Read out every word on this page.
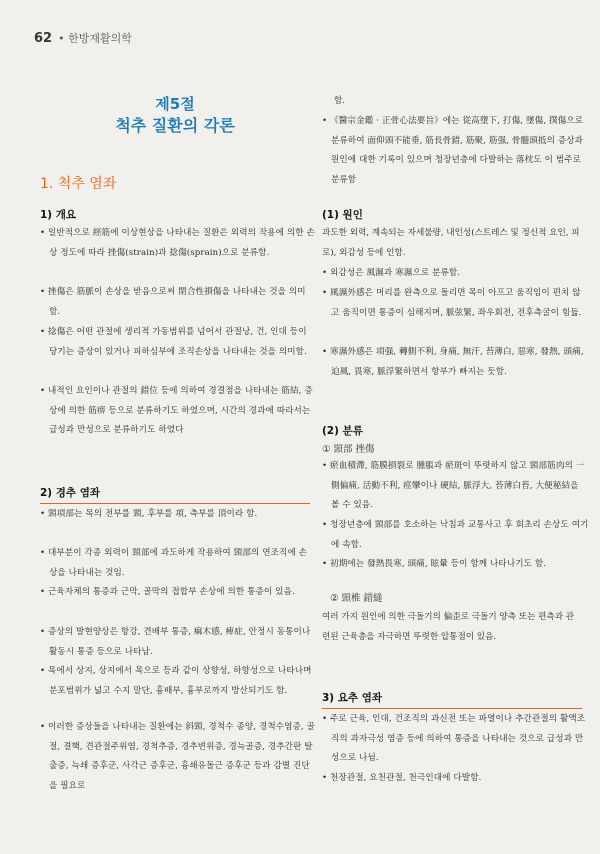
62 • 한방재활의학
제5절
척추 질환의 각론
1. 척추 염좌
1) 개요
• 일반적으로 經筋에 이상현상을 나타내는 질환은 외력의 작용에 의한 손상 정도에 따라 挫傷(strain)과 捻傷(sprain)으로 분류함.
• 挫傷은 筋脈이 손상을 받음으로써 閉合性損傷을 나타내는 것을 의미함.
• 捻傷은 어떤 관절에 생리적 가동범위를 넘어서 관절낭, 건, 인대 등이 당기는 증상이 있거나 피하심부에 조직손상을 나타내는 것을 의미함.
• 내적인 요인이나 관절의 錯位 등에 의하여 경결점을 나타내는 筋結, 증상에 의한 筋痹 등으로 분류하기도 하였으며, 시간의 경과에 따라서는 급성과 만성으로 분류하기도 하였다
2) 경추 염좌
• 頸項部는 목의 전부를 頸, 후부를 項, 측부를 頂이라 함.
• 대부분이 각종 외력이 頸部에 과도하게 작용하여 頸部의 연조직에 손상을 나타내는 것임.
• 근육자체의 통증과 근막, 골막의 접합부 손상에 의한 통증이 있음.
• 증상의 발현양상은 항강, 견배부 통증, 痲木感, 痺症, 안정시 동통이나 활동시 통증 등으로 나타남.
• 목에서 상지, 상지에서 목으로 등과 같이 상향성, 하향성으로 나타나며 분포범위가 넓고 수지 말단, 흉배부, 흉부로까지 방산되기도 함.
• 이러한 증상들을 나타내는 질환에는 斜頸, 경척수 종양, 경척수염증, 골절, 결핵, 견관절주위염, 경척추증, 경추변위증, 경늑골증, 경추간판 탈출증, 늑쇄 증후군, 사각근 증후군, 흉쇄유돌근 증후군 등과 감별 진단을 필요로
함.
• 《醫宗金鑑 · 正骨心法要旨》에는 從高墮下, 打傷, 墜傷, 撲傷으로 분류하여 面仰頭不能垂, 筋長骨錯, 筋聚, 筋强, 骨髓頭抵의 증상과 원인에 대한 기록이 있으며 청장년층에 다발하는 落枕도 이 범주로 분류함
(1) 원인
과도한 외력, 계속되는 자세불량, 내인성(스트레스 및 정신적 요인, 피로), 외감성 등에 인함.
• 외감성은 風濕과 寒濕으로 분류함.
• 風濕外感은 머리를 완측으로 돌리면 목이 아프고 움직임이 편치 않고 움직이면 통증이 심해지며, 脈弦緊, 좌우회전, 전후측굴이 힘듦.
• 寒濕外感은 項强, 轉側不利, 身痛, 無汗, 苔薄白, 惡寒, 發熱, 頭痛, 迫風, 畏寒, 脈浮緊하면서 항부가 빠지는 듯함.
(2) 분류
① 頸部 挫傷
• 瘀血積滯, 筋膜損裂로 腫脹과 瘀斑이 뚜렷하지 않고 頸部筋肉의 一側偏痛, 活動不利, 痙攣이나 硬結, 脈浮大, 苔薄白苔, 大便秘結을 볼 수 있음.
• 청장년층에 頸部를 호소하는 낙침과 교통사고 후 회초리 손상도 여기에 속함.
• 初期에는 發熱畏寒, 頭痛, 眩暈 등이 함께 나타나기도 함.
② 頸椎 錯縫
여러 가지 원인에 의한 극돌기의 偏歪로 극돌기 양측 또는 편측과 관련된 근육층을 자극하면 뚜렷한 압통점이 있음.
3) 요추 염좌
• 주로 근육, 인대, 건조직의 과신전 또는 파열이나 추간관절의 활액조직의 과자극성 염증 등에 의하여 통증을 나타내는 것으로 급성과 만성으로 나뉨.
• 천장관절, 요천관절, 천극인대에 다발함.
